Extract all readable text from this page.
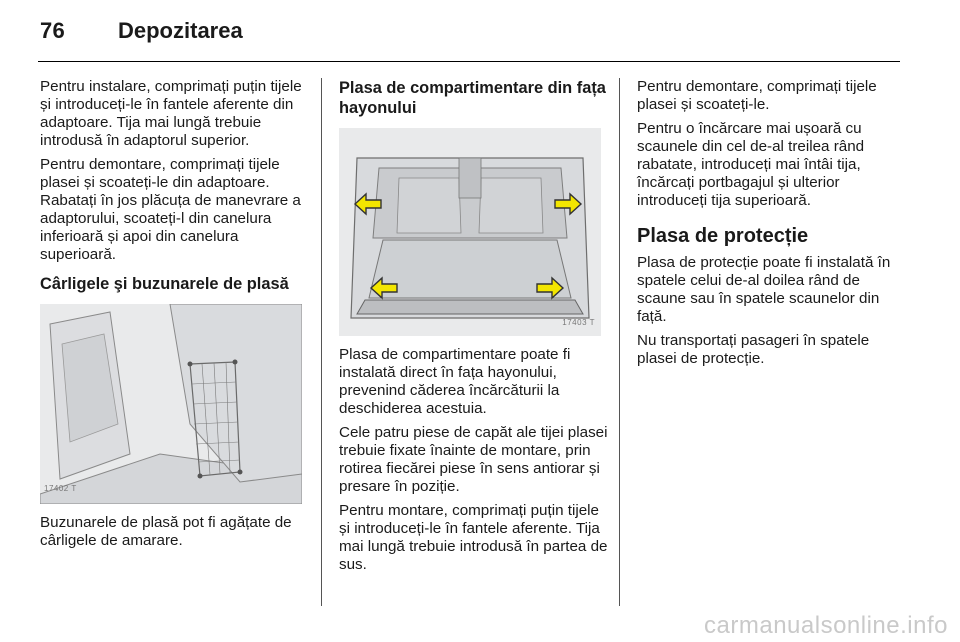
76 Depozitarea

Pentru instalare, comprimați puțin tijele și introduceți-le în fantele aferente din adaptoare. Tija mai lungă trebuie introdusă în adaptorul superior.

Pentru demontare, comprimați tijele plasei și scoateți-le din adaptoare. Rabatați în jos plăcuța de manevrare a adaptorului, scoateți-l din canelura inferioară și apoi din canelura superioară.

Cârligele şi buzunarele de plasă
17402 T

Buzunarele de plasă pot fi agățate de cârligele de amarare.

Plasa de compartimentare din fața hayonului
17403 T

Plasa de compartimentare poate fi instalată direct în fața hayonului, prevenind căderea încărcăturii la deschiderea acestuia.

Cele patru piese de capăt ale tijei plasei trebuie fixate înainte de montare, prin rotirea fiecărei piese în sens antiorar și presare în poziție.

Pentru montare, comprimați puțin tijele și introduceți-le în fantele aferente. Tija mai lungă trebuie introdusă în partea de sus.

Pentru demontare, comprimați tijele plasei și scoateți-le.

Pentru o încărcare mai ușoară cu scaunele din cel de-al treilea rând rabatate, introduceți mai întâi tija, încărcați portbagajul și ulterior introduceți tija superioară.

Plasa de protecție

Plasa de protecție poate fi instalată în spatele celui de-al doilea rând de scaune sau în spatele scaunelor din față.

Nu transportați pasageri în spatele plasei de protecție.

carmanualsonline.info
